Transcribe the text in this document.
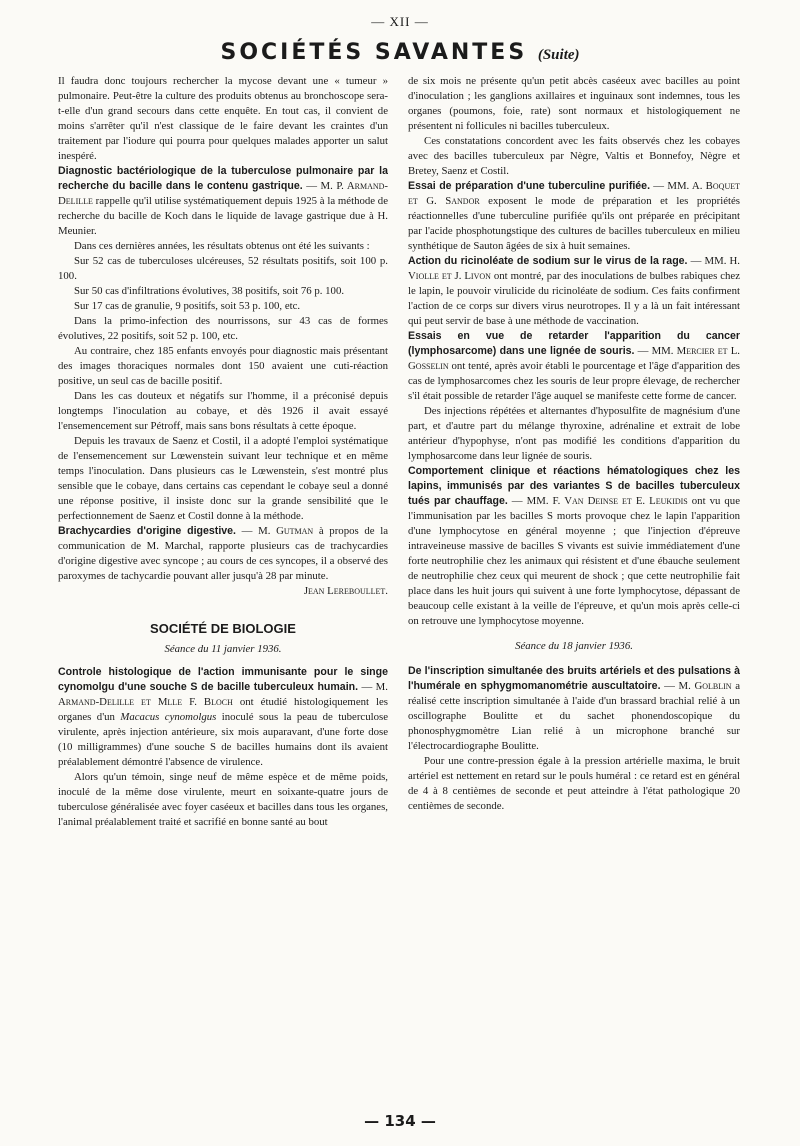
— XII —
SOCIÉTÉS SAVANTES (Suite)

Il faudra donc toujours rechercher la mycose devant une « tumeur » pulmonaire. Peut-être la culture des produits obtenus au bronchoscope sera-t-elle d'un grand secours dans cette enquête. En tout cas, il convient de moins s'arrêter qu'il n'est classique de le faire devant les craintes d'un traitement par l'iodure qui pourra pour quelques malades apporter un salut inespéré.

Diagnostic bactériologique de la tuberculose pulmonaire par la recherche du bacille dans le contenu gastrique. — M. P. Armand-Delille rappelle qu'il utilise systématiquement depuis 1925 à la méthode de recherche du bacille de Koch dans le liquide de lavage gastrique due à H. Meunier.

Dans ces dernières années, les résultats obtenus ont été les suivants :

Sur 52 cas de tuberculoses ulcéreuses, 52 résultats positifs, soit 100 p. 100.

Sur 50 cas d'infiltrations évolutives, 38 positifs, soit 76 p. 100.

Sur 17 cas de granulie, 9 positifs, soit 53 p. 100, etc.

Dans la primo-infection des nourrissons, sur 43 cas de formes évolutives, 22 positifs, soit 52 p. 100, etc.

Au contraire, chez 185 enfants envoyés pour diagnostic mais présentant des images thoraciques normales dont 150 avaient une cuti-réaction positive, un seul cas de bacille positif.

Dans les cas douteux et négatifs sur l'homme, il a préconisé depuis longtemps l'inoculation au cobaye, et dès 1926 il avait essayé l'ensemencement sur Pétroff, mais sans bons résultats à cette époque.

Depuis les travaux de Saenz et Costil, il a adopté l'emploi systématique de l'ensemencement sur Lœwenstein suivant leur technique et en même temps l'inoculation. Dans plusieurs cas le Lœwenstein, s'est montré plus sensible que le cobaye, dans certains cas cependant le cobaye seul a donné une réponse positive, il insiste donc sur la grande sensibilité que le perfectionnement de Saenz et Costil donne à la méthode.

Brachycardies d'origine digestive. — M. Gutman à propos de la communication de M. Marchal, rapporte plusieurs cas de trachycardies d'origine digestive avec syncope ; au cours de ces syncopes, il a observé des paroxymes de tachycardie pouvant aller jusqu'à 28 par minute.

Jean Lereboullet.
SOCIÉTÉ DE BIOLOGIE
Séance du 11 janvier 1936.

Controle histologique de l'action immunisante pour le singe cynomolgu d'une souche S de bacille tuberculeux humain. — M. Armand-Delille et Mlle F. Bloch ont étudié histologiquement les organes d'un Macacus cynomolgus inoculé sous la peau de tuberculose virulente, après injection antérieure, six mois auparavant, d'une forte dose (10 milligrammes) d'une souche S de bacilles humains dont ils avaient préalablement démontré l'absence de virulence.

Alors qu'un témoin, singe neuf de même espèce et de même poids, inoculé de la même dose virulente, meurt en soixante-quatre jours de tuberculose généralisée avec foyer caséeux et bacilles dans tous les organes, l'animal préalablement traité et sacrifié en bonne santé au bout

de six mois ne présente qu'un petit abcès caséeux avec bacilles au point d'inoculation ; les ganglions axillaires et inguinaux sont indemnes, tous les organes (poumons, foie, rate) sont normaux et histologiquement ne présentent ni follicules ni bacilles tuberculeux.

Ces constatations concordent avec les faits observés chez les cobayes avec des bacilles tuberculeux par Nègre, Valtis et Bonnefoy, Nègre et Bretey, Saenz et Costil.

Essai de préparation d'une tuberculine purifiée. — MM. A. Boquet et G. Sandor exposent le mode de préparation et les propriétés réactionnelles d'une tuberculine purifiée qu'ils ont préparée en précipitant par l'acide phosphotungstique des cultures de bacilles tuberculeux en milieu synthétique de Sauton âgées de six à huit semaines.

Action du ricinoléate de sodium sur le virus de la rage. — MM. H. Violle et J. Livon ont montré, par des inoculations de bulbes rabiques chez le lapin, le pouvoir virulicide du ricinoléate de sodium. Ces faits confirment l'action de ce corps sur divers virus neurotropes. Il y a là un fait intéressant qui peut servir de base à une méthode de vaccination.

Essais en vue de retarder l'apparition du cancer (lymphosarcome) dans une lignée de souris. — MM. Mercier et L. Gosselin ont tenté, après avoir établi le pourcentage et l'âge d'apparition des cas de lymphosarcomes chez les souris de leur propre élevage, de rechercher s'il était possible de retarder l'âge auquel se manifeste cette forme de cancer.

Des injections répétées et alternantes d'hyposulfite de magnésium d'une part, et d'autre part du mélange thyroxine, adrénaline et extrait de lobe antérieur d'hypophyse, n'ont pas modifié les conditions d'apparition du lymphosarcome dans leur lignée de souris.

Comportement clinique et réactions hématologiques chez les lapins, immunisés par des variantes S de bacilles tuberculeux tués par chauffage. — MM. F. Van Deinse et E. Leukidis ont vu que l'immunisation par les bacilles S morts provoque chez le lapin l'apparition d'une lymphocytose en général moyenne ; que l'injection d'épreuve intraveineuse massive de bacilles S vivants est suivie immédiatement d'une forte neutrophilie chez les animaux qui résistent et d'une ébauche seulement de neutrophilie chez ceux qui meurent de shock ; que cette neutrophilie fait place dans les huit jours qui suivent à une forte lymphocytose, dépassant de beaucoup celle existant à la veille de l'épreuve, et qu'un mois après celle-ci on retrouve une lymphocytose moyenne.

Séance du 18 janvier 1936.

De l'inscription simultanée des bruits artériels et des pulsations à l'humérale en sphygmomanométrie auscultatoire. — M. Golblin a réalisé cette inscription simultanée à l'aide d'un brassard brachial relié à un oscillographe Boulitte et du sachet phonendoscopique du phonosphygmomètre Lian relié à un microphone branché sur l'électrocardiographe Boulitte.

Pour une contre-pression égale à la pression artérielle maxima, le bruit artériel est nettement en retard sur le pouls huméral : ce retard est en général de 4 à 8 centièmes de seconde et peut atteindre à l'état pathologique 20 centièmes de seconde.

— 134 —
